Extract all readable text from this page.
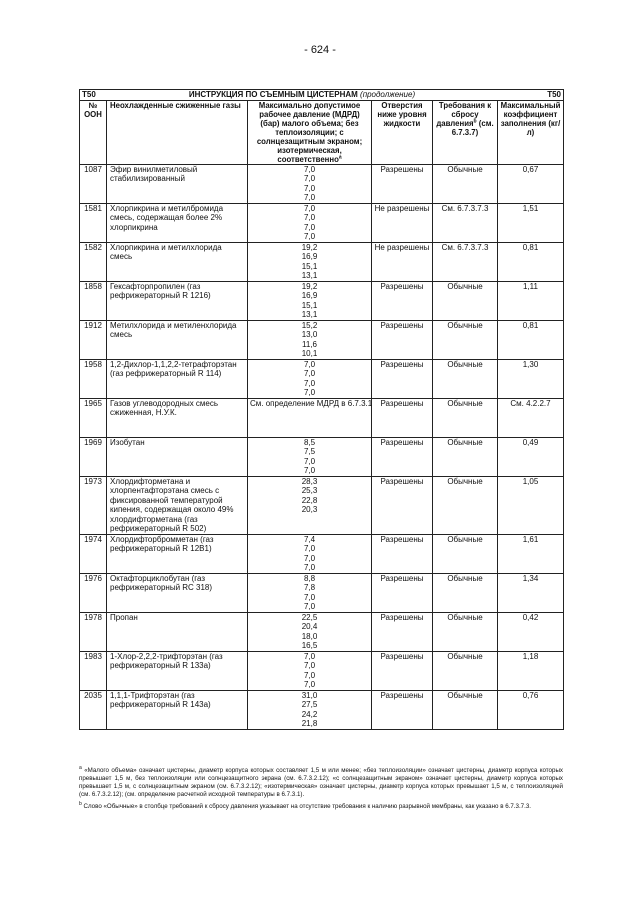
- 624 -
T50	ИНСТРУКЦИЯ ПО СЪЕМНЫМ ЦИСТЕРНАМ (продолжение)				T50
№ ООН	Неохлажденные сжиженные газы	Максимально допустимое рабочее давление (МДРД) (бар) малого объема; без теплоизоляции; с солнцезащитным экраном; изотермическая, соответственно$^a$	Отверстия ниже уровня жидкости	Требования к сбросу давления$^b$ (см. 6.7.3.7)	Максимальный коэффициент заполнения (кг/л)
1087	Эфир винилметиловый стабилизированный	7,0
7,0
7,0
7,0	Разрешены	Обычные	0,67
1581	Хлорпикрина и метилбромида смесь, содержащая более 2% хлорпикрина	7,0
7,0
7,0
7,0	Не разрешены	См. 6.7.3.7.3	1,51
1582	Хлорпикрина и метилхлорида смесь	19,2
16,9
15,1
13,1	Не разрешены	См. 6.7.3.7.3	0,81
1858	Гексафторпропилен (газ рефрижераторный R 1216)	19,2
16,9
15,1
13,1	Разрешены	Обычные	1,11
1912	Метилхлорида и метиленхлорида смесь	15,2
13,0
11,6
10,1	Разрешены	Обычные	0,81
1958	1,2-Дихлор-1,1,2,2-тетрафторэтан (газ рефрижераторный R 114)	7,0
7,0
7,0
7,0	Разрешены	Обычные	1,30
1965	Газов углеводородных смесь сжиженная, Н.У.К.	См. определение МДРД в 6.7.3.1	Разрешены	Обычные	См. 4.2.2.7
1969	Изобутан	8,5
7,5
7,0
7,0	Разрешены	Обычные	0,49
1973	Хлордифторметана и хлорпентафторэтана смесь с фиксированной температурой кипения, содержащая около 49% хлордифторметана (газ рефрижераторный R 502)	28,3
25,3
22,8
20,3	Разрешены	Обычные	1,05
1974	Хлордифторбромметан (газ рефрижераторный R 12B1)	7,4
7,0
7,0
7,0	Разрешены	Обычные	1,61
1976	Октафторциклобутан (газ рефрижераторный RC 318)	8,8
7,8
7,0
7,0	Разрешены	Обычные	1,34
1978	Пропан	22,5
20,4
18,0
16,5	Разрешены	Обычные	0,42
1983	1-Хлор-2,2,2-трифторэтан (газ рефрижераторный R 133a)	7,0
7,0
7,0
7,0	Разрешены	Обычные	1,18
2035	1,1,1-Трифторэтан (газ рефрижераторный R 143a)	31,0
27,5
24,2
21,8	Разрешены	Обычные	0,76

$^a$ «Малого объема» означает цистерны, диаметр корпуса которых составляет 1,5 м или менее; «без теплоизоляции» означает цистерны, диаметр корпуса которых превышает 1,5 м, без теплоизоляции или солнцезащитного экрана (см. 6.7.3.2.12); «с солнцезащитным экраном» означает цистерны, диаметр корпуса которых превышает 1,5 м, с солнцезащитным экраном (см. 6.7.3.2.12); «изотермическая» означает цистерны, диаметр корпуса которых превышает 1,5 м, с теплоизоляцией (см. 6.7.3.2.12); (см. определение расчетной исходной температуры в 6.7.3.1).

$^b$ Слово «Обычные» в столбце требований к сбросу давления указывает на отсутствие требования к наличию разрывной мембраны, как указано в 6.7.3.7.3.
